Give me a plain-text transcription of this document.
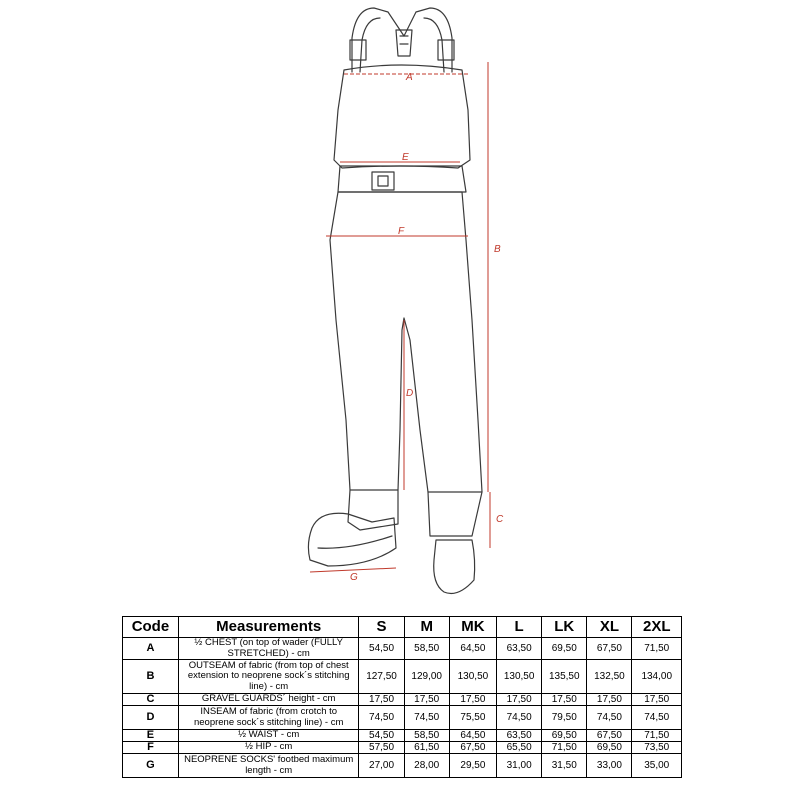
A
E
F
B
C
D
G
Code	Measurements	S	M	MK	L	LK	XL	2XL
A	½ CHEST (on top of wader (FULLY STRETCHED) - cm	54,50	58,50	64,50	63,50	69,50	67,50	71,50
B	OUTSEAM of fabric (from top of chest extension to neoprene sock´s stitching line) - cm	127,50	129,00	130,50	130,50	135,50	132,50	134,00
C	GRAVEL GUARDS´ height - cm	17,50	17,50	17,50	17,50	17,50	17,50	17,50
D	INSEAM of fabric (from crotch to neoprene sock´s stitching line) - cm	74,50	74,50	75,50	74,50	79,50	74,50	74,50
E	½ WAIST - cm	54,50	58,50	64,50	63,50	69,50	67,50	71,50
F	½ HIP - cm	57,50	61,50	67,50	65,50	71,50	69,50	73,50
G	NEOPRENE SOCKS' footbed maximum length - cm	27,00	28,00	29,50	31,00	31,50	33,00	35,00
